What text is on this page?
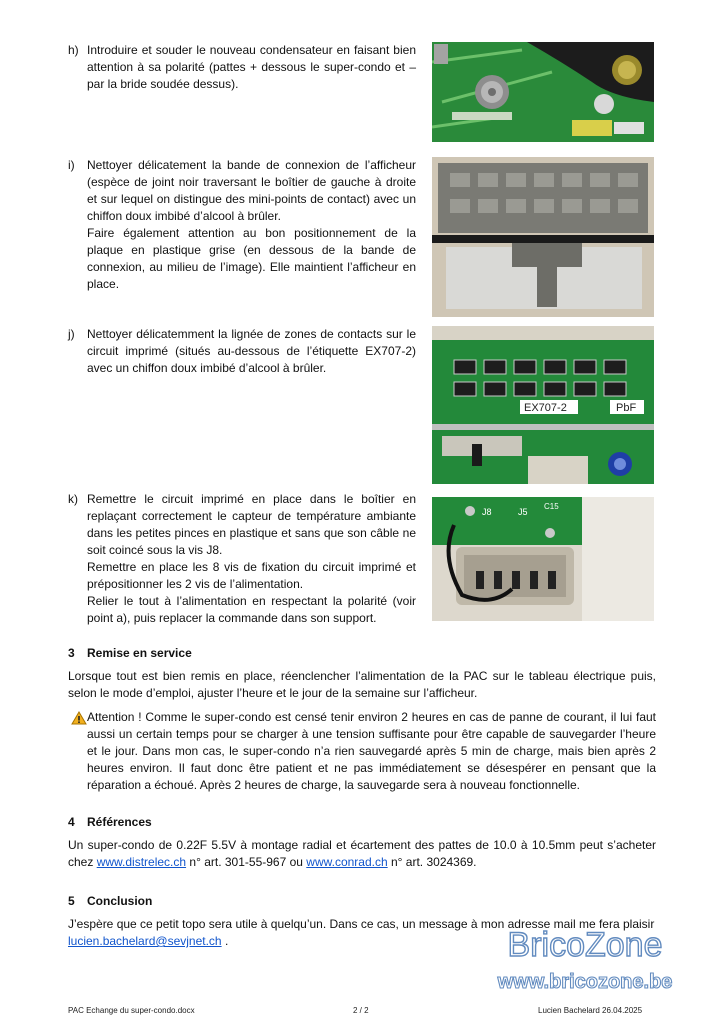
h) Introduire et souder le nouveau condensateur en faisant bien attention à sa polarité (pattes + dessous le super-condo et – par la bride soudée dessus).

i) Nettoyer délicatement la bande de connexion de l’afficheur (espèce de joint noir traversant le boîtier de gauche à droite et sur lequel on distingue des mini-points de contact) avec un chiffon doux imbibé d’alcool à brûler.

Faire également attention au bon positionnement de la plaque en plastique grise (en dessous de la bande de connexion, au milieu de l’image). Elle maintient l’afficheur en place.

j) Nettoyer délicatemment la lignée de zones de contacts sur le circuit imprimé (situés au-dessous de l’étiquette EX707-2) avec un chiffon doux imbibé d’alcool à brûler.

EX707-2	PbF
k) Remettre le circuit imprimé en place dans le boîtier en replaçant correctement le capteur de température ambiante dans les petites pinces en plastique et sans que son câble ne soit coincé sous la vis J8.

Remettre en place les 8 vis de fixation du circuit imprimé et prépositionner les 2 vis de l’alimentation.

Relier le tout à l’alimentation en respectant la polarité (voir point a), puis replacer la commande dans son support.

J8	J5
C15
3 Remise en service

Lorsque tout est bien remis en place, réenclencher l’alimentation de la PAC sur le tableau électrique puis, selon le mode d’emploi, ajuster l’heure et le jour de la semaine sur l’afficheur.

Attention ! Comme le super-condo est censé tenir environ 2 heures en cas de panne de courant, il lui faut aussi un certain temps pour se charger à une tension suffisante pour être capable de sauvegarder l’heure et le jour. Dans mon cas, le super-condo n’a rien sauvegardé après 5 min de charge, mais bien après 2 heures environ. Il faut donc être patient et ne pas immédiatement se désespérer en pensant que la réparation a échoué. Après 2 heures de charge, la sauvegarde sera à nouveau fonctionnelle.
4 Références

Un super-condo de 0.22F 5.5V à montage radial et écartement des pattes de 10.0 à 10.5mm peut s’acheter chez www.distrelec.ch n° art. 301-55-967 ou www.conrad.ch n° art. 3024369.

5 Conclusion

J’espère que ce petit topo sera utile à quelqu’un. Dans ce cas, un message à mon adresse mail me fera plaisir
lucien.bachelard@sevjnet.ch .	BricoZone
www.bricozone.be
PAC Echange du super-condo.docx	2 / 2	Lucien Bachelard 26.04.2025
